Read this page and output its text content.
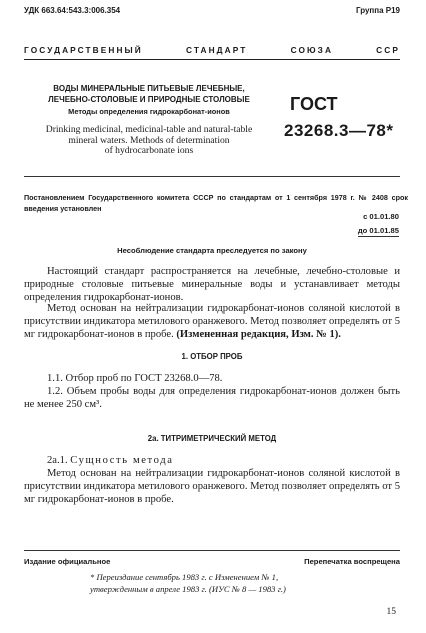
УДК 663.64:543.3:006.354	Группа Р19
ГОСУДАРСТВЕННЫЙ	СТАНДАРТ	СОЮЗА	ССР
ВОДЫ МИНЕРАЛЬНЫЕ ПИТЬЕВЫЕ ЛЕЧЕБНЫЕ,
ЛЕЧЕБНО-СТОЛОВЫЕ И ПРИРОДНЫЕ СТОЛОВЫЕ
Методы определения гидрокарбонат-ионов
Drinking medicinal, medicinal-table and natural-table
mineral waters. Methods of determination
of hydrocarbonate ions
ГОСТ
23268.3—78*
Постановлением Государственного комитета СССР по стандартам от 1 сентября 1978 г. № 2408 срок введения установлен
с 01.01.80
до 01.01.85
Несоблюдение стандарта преследуется по закону

Настоящий стандарт распространяется на лечебные, лечебно-столовые и природные столовые питьевые минеральные воды и устанавливает методы определения гидрокарбонат-ионов.

Метод основан на нейтрализации гидрокарбонат-ионов соляной кислотой в присутствии индикатора метилового оранжевого. Метод позволяет определять от 5 мг гидрокарбонат-ионов в пробе. (Измененная редакция, Изм. № 1).

1. ОТБОР ПРОБ

1.1. Отбор проб по ГОСТ 23268.0—78.

1.2. Объем пробы воды для определения гидрокарбонат-ионов должен быть не менее 250 см³.

2а. ТИТРИМЕТРИЧЕСКИЙ МЕТОД

2а.1. Сущность метода

Метод основан на нейтрализации гидрокарбонат-ионов соляной кислотой в присутствии индикатора метилового оранжевого. Метод позволяет определять от 5 мг гидрокарбонат-ионов в пробе.

Издание официальное	Перепечатка воспрещена
* Переиздание сентябрь 1983 г. с Изменением № 1,
утвержденным в апреле 1983 г. (ИУС № 8 — 1983 г.)
15
